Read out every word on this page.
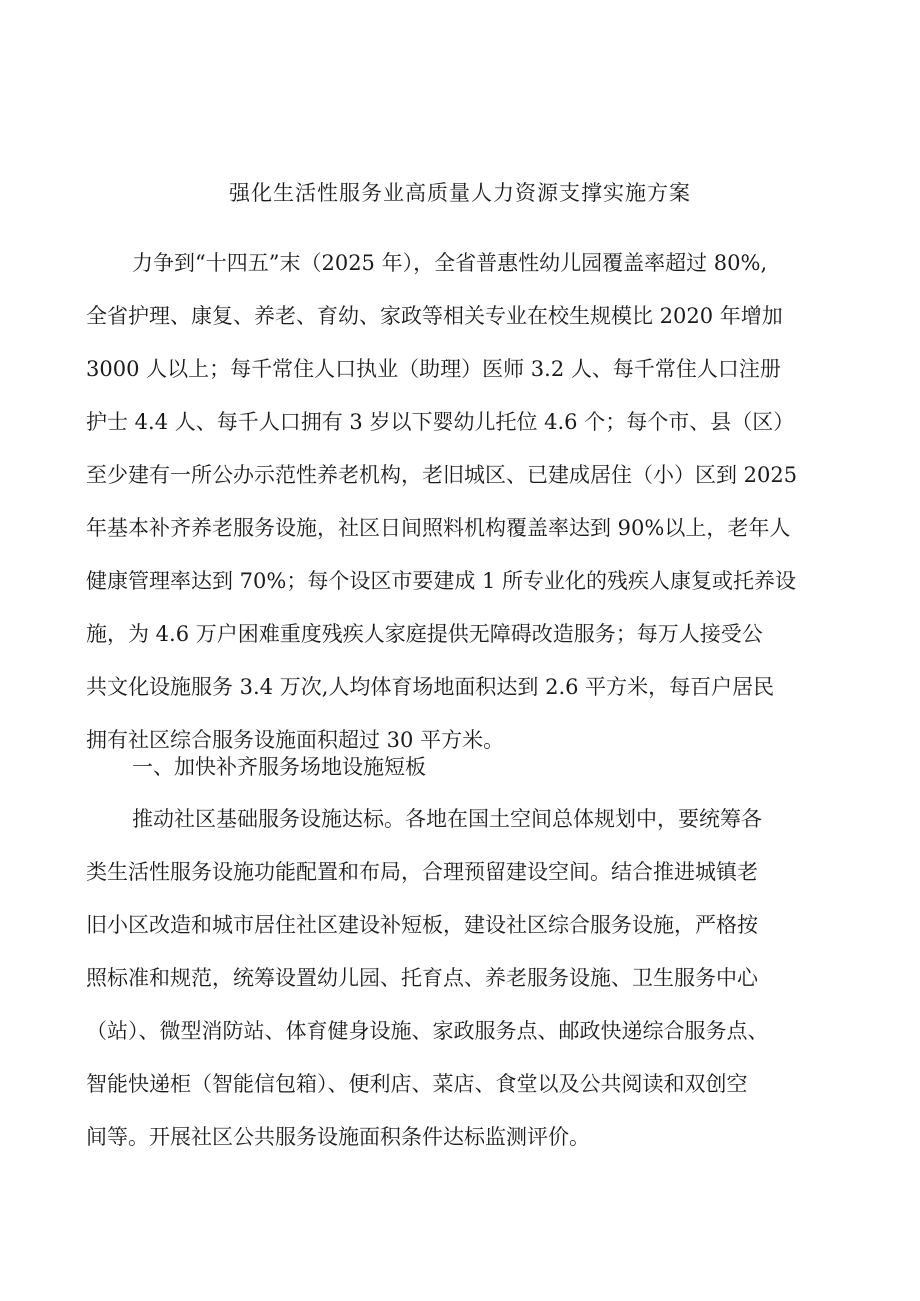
强化生活性服务业高质量人力资源支撑实施方案
力争到“十四五”末（2025 年），全省普惠性幼儿园覆盖率超过 80%,
全省护理、康复、养老、育幼、家政等相关专业在校生规模比 2020 年增加
3000 人以上；每千常住人口执业（助理）医师 3.2 人、每千常住人口注册
护士 4.4 人、每千人口拥有 3 岁以下婴幼儿托位 4.6 个；每个市、县（区）
至少建有一所公办示范性养老机构，老旧城区、已建成居住（小）区到 2025
年基本补齐养老服务设施，社区日间照料机构覆盖率达到 90%以上，老年人
健康管理率达到 70%；每个设区市要建成 1 所专业化的残疾人康复或托养设
施，为 4.6 万户困难重度残疾人家庭提供无障碍改造服务；每万人接受公
共文化设施服务 3.4 万次,人均体育场地面积达到 2.6 平方米，每百户居民
拥有社区综合服务设施面积超过 30 平方米。
一、加快补齐服务场地设施短板
推动社区基础服务设施达标。各地在国土空间总体规划中，要统筹各
类生活性服务设施功能配置和布局，合理预留建设空间。结合推进城镇老
旧小区改造和城市居住社区建设补短板，建设社区综合服务设施，严格按
照标准和规范，统筹设置幼儿园、托育点、养老服务设施、卫生服务中心
（站）、微型消防站、体育健身设施、家政服务点、邮政快递综合服务点、
智能快递柜（智能信包箱）、便利店、菜店、食堂以及公共阅读和双创空
间等。开展社区公共服务设施面积条件达标监测评价。
